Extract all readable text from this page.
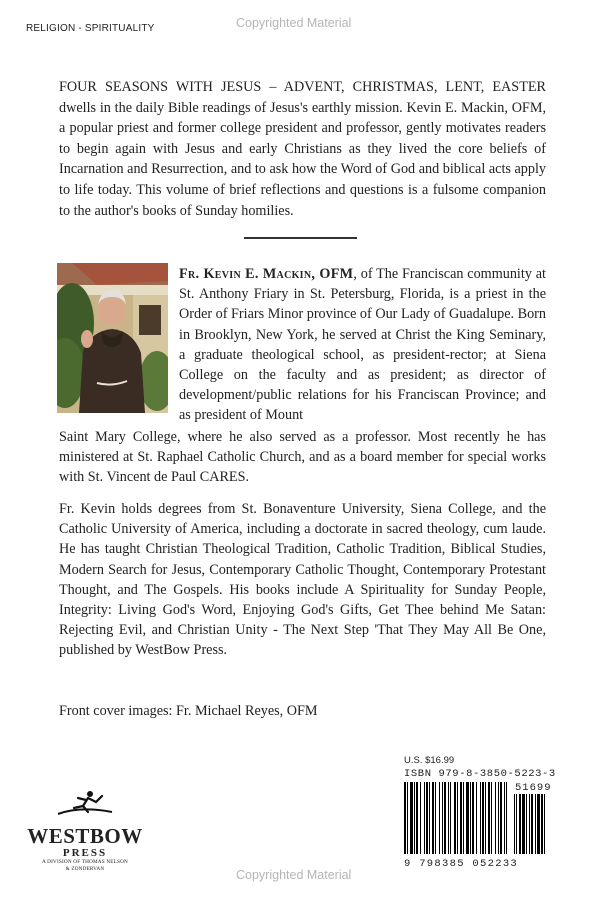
RELIGION - SPIRITUALITY	Copyrighted Material
FOUR SEASONS WITH JESUS – ADVENT, CHRISTMAS, LENT, EASTER dwells in the daily Bible readings of Jesus's earthly mission. Kevin E. Mackin, OFM, a popular priest and former college president and professor, gently motivates readers to begin again with Jesus and early Christians as they lived the core beliefs of Incarnation and Resurrection, and to ask how the Word of God and biblical acts apply to life today. This volume of brief reflections and questions is a fulsome companion to the author's books of Sunday homilies.
Fr. Kevin E. Mackin, OFM, of The Franciscan community at St. Anthony Friary in St. Petersburg, Florida, is a priest in the Order of Friars Minor province of Our Lady of Guadalupe. Born in Brooklyn, New York, he served at Christ the King Seminary, a graduate theological school, as president-rector; at Siena College on the faculty and as president; as director of development/public relations for his Franciscan Province; and as president of Mount
Saint Mary College, where he also served as a professor. Most recently he has ministered at St. Raphael Catholic Church, and as a board member for special works with St. Vincent de Paul CARES.
Fr. Kevin holds degrees from St. Bonaventure University, Siena College, and the Catholic University of America, including a doctorate in sacred theology, cum laude. He has taught Christian Theological Tradition, Catholic Tradition, Biblical Studies, Modern Search for Jesus, Contemporary Catholic Thought, Contemporary Protestant Thought, and The Gospels. His books include A Spirituality for Sunday People, Integrity: Living God's Word, Enjoying God's Gifts, Get Thee behind Me Satan: Rejecting Evil, and Christian Unity - The Next Step 'That They May All Be One, published by WestBow Press.
Front cover images: Fr. Michael Reyes, OFM
WESTBOW
PRESS
A DIVISION OF THOMAS NELSON
& ZONDERVAN
U.S. $16.99
ISBN 979-8-3850-5223-3
51699
9 798385 052233
Copyrighted Material
